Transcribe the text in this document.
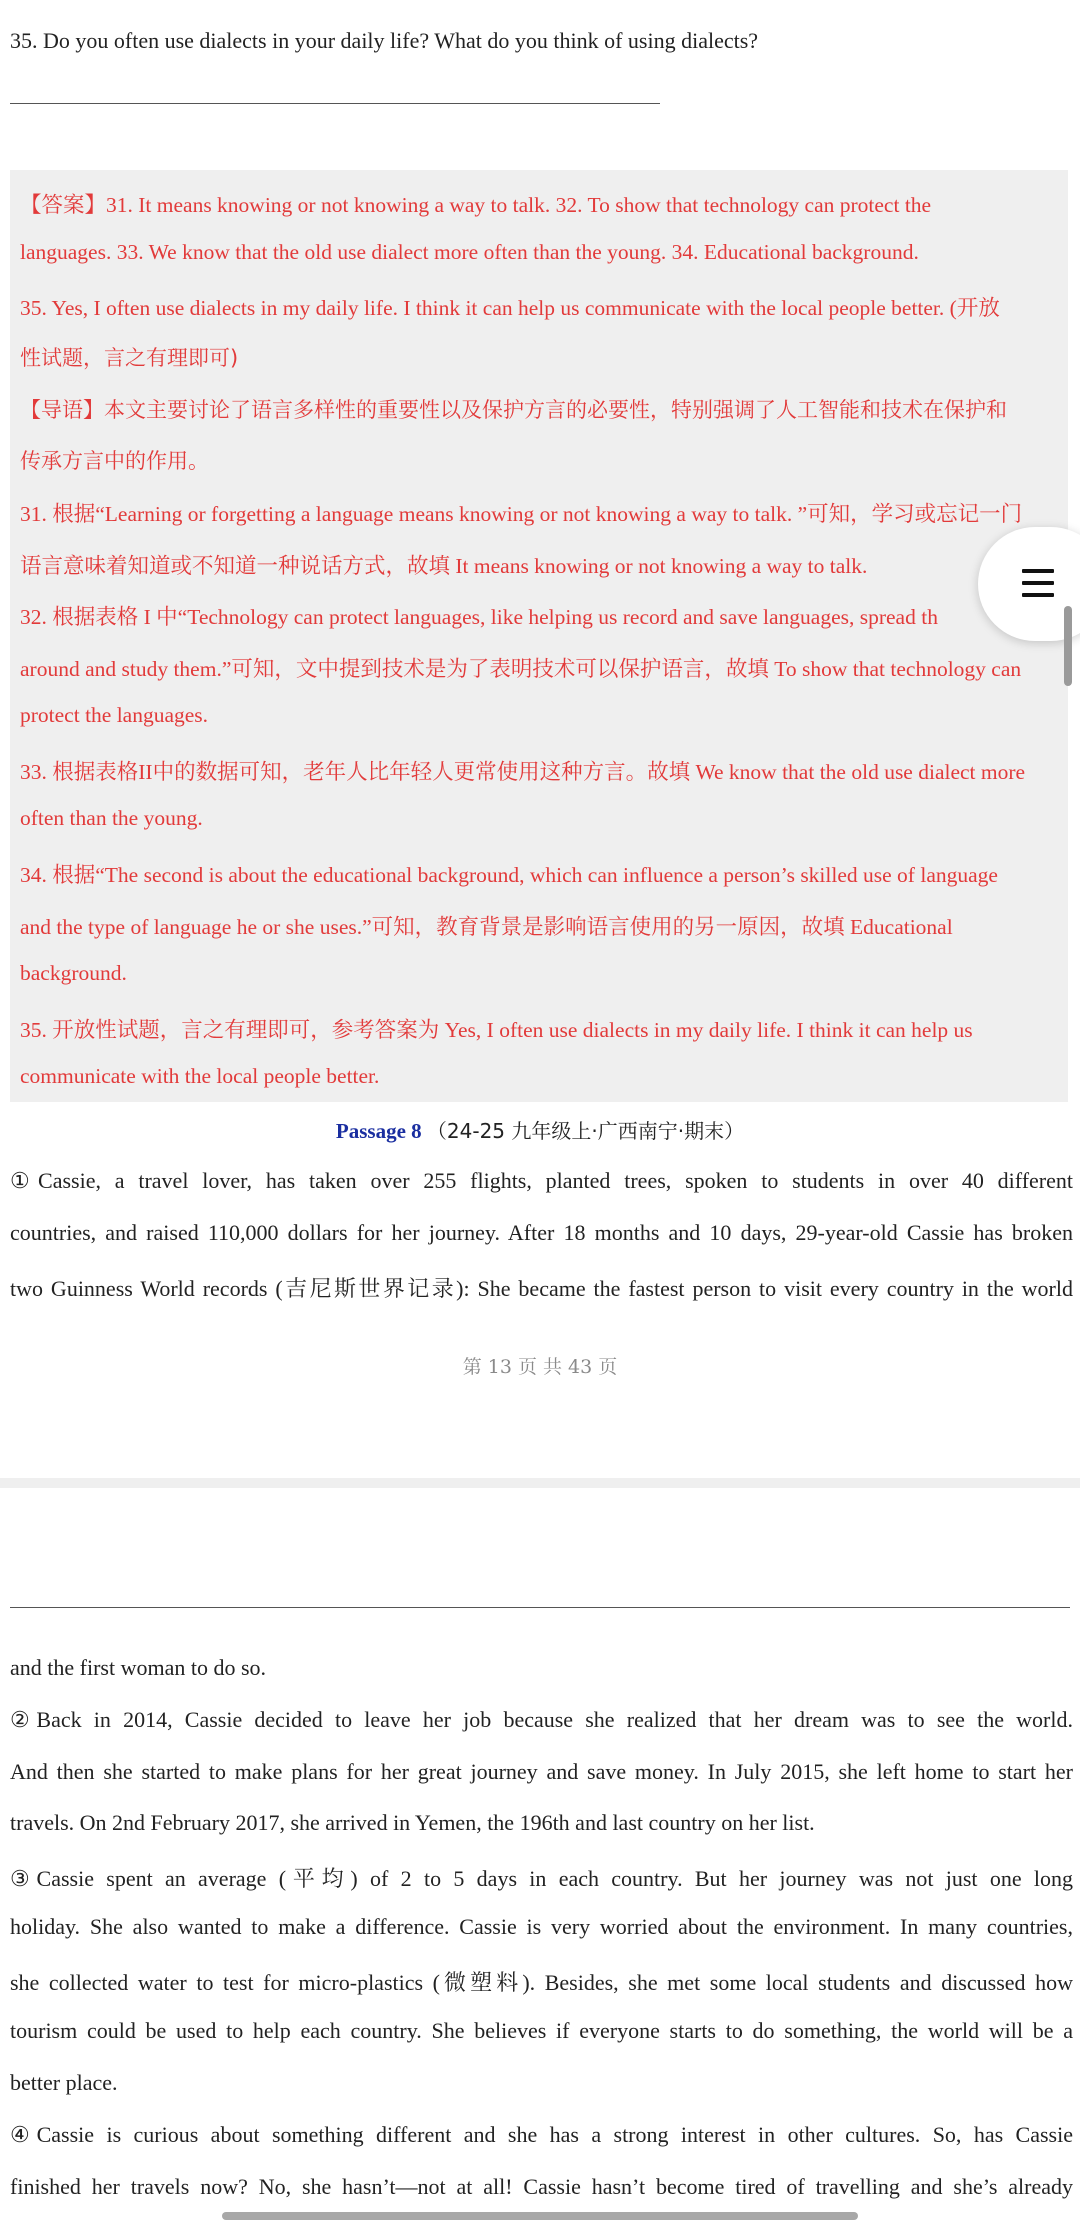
35. Do you often use dialects in your daily life? What do you think of using dialects?
【答案】31. It means knowing or not knowing a way to talk. 32. To show that technology can protect the
languages. 33. We know that the old use dialect more often than the young. 34. Educational background.
35. Yes, I often use dialects in my daily life. I think it can help us communicate with the local people better. (开放
性试题，言之有理即可)
【导语】本文主要讨论了语言多样性的重要性以及保护方言的必要性，特别强调了人工智能和技术在保护和
传承方言中的作用。
31. 根据“Learning or forgetting a language means knowing or not knowing a way to talk. ”可知，学习或忘记一门
语言意味着知道或不知道一种说话方式，故填 It means knowing or not knowing a way to talk.
32. 根据表格 I 中“Technology can protect languages, like helping us record and save languages, spread th
around and study them.”可知，文中提到技术是为了表明技术可以保护语言，故填 To show that technology can
protect the languages.
33. 根据表格II中的数据可知，老年人比年轻人更常使用这种方言。故填 We know that the old use dialect more
often than the young.
34. 根据“The second is about the educational background, which can influence a person’s skilled use of language
and the type of language he or she uses.”可知，教育背景是影响语言使用的另一原因，故填 Educational
background.
35. 开放性试题，言之有理即可，参考答案为 Yes, I often use dialects in my daily life. I think it can help us
communicate with the local people better.
Passage 8 （24-25 九年级上·广西南宁·期末）
①Cassie, a travel lover, has taken over 255 flights, planted trees, spoken to students in over 40 different
countries, and raised 110,000 dollars for her journey. After 18 months and 10 days, 29-year-old Cassie has broken
two Guinness World records (吉尼斯世界记录): She became the fastest person to visit every country in the world
第 13 页 共 43 页
and the first woman to do so.
②Back in 2014, Cassie decided to leave her job because she realized that her dream was to see the world.
And then she started to make plans for her great journey and save money. In July 2015, she left home to start her
travels. On 2nd February 2017, she arrived in Yemen, the 196th and last country on her list.
③Cassie spent an average (平均) of 2 to 5 days in each country. But her journey was not just one long
holiday. She also wanted to make a difference. Cassie is very worried about the environment. In many countries,
she collected water to test for micro-plastics (微塑料). Besides, she met some local students and discussed how
tourism could be used to help each country. She believes if everyone starts to do something, the world will be a
better place.
④Cassie is curious about something different and she has a strong interest in other cultures. So, has Cassie
finished her travels now? No, she hasn’t—not at all! Cassie hasn’t become tired of travelling and she’s already
